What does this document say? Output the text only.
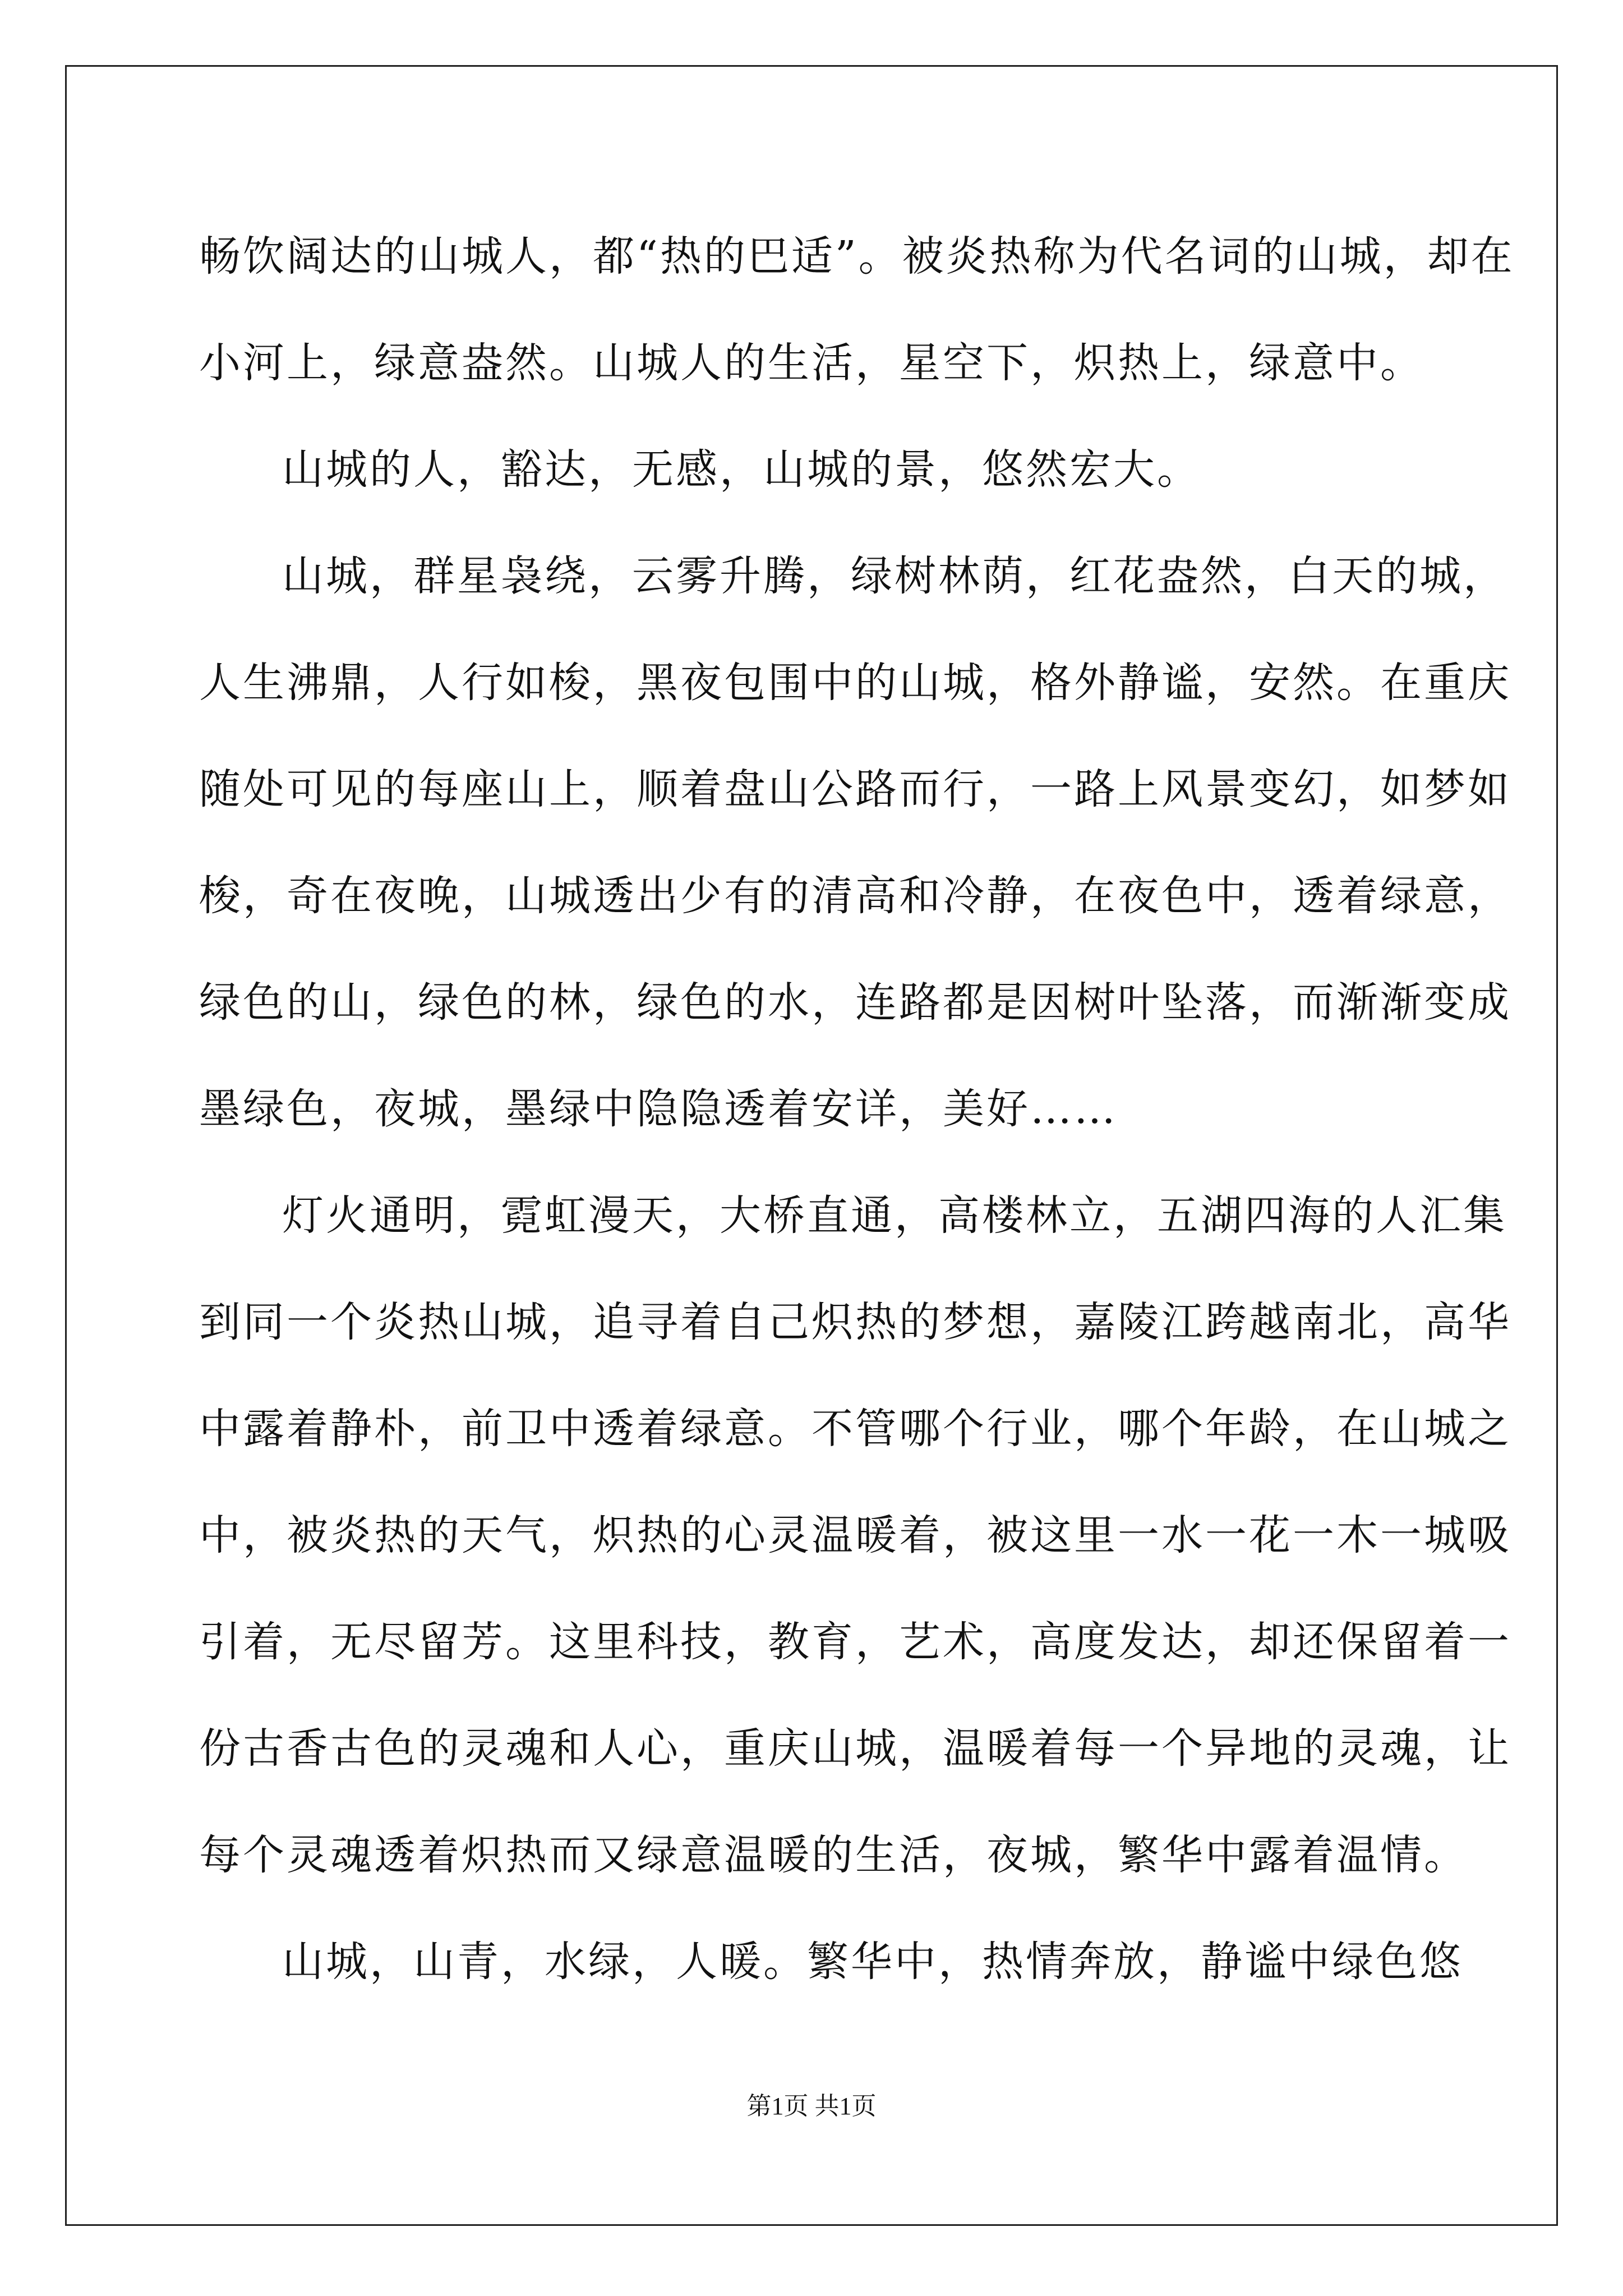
畅饮阔达的山城人，都“热的巴适”。被炎热称为代名词的山城，却在
小河上，绿意盎然。山城人的生活，星空下，炽热上，绿意中。
山城的人，豁达，无感，山城的景，悠然宏大。
山城，群星袅绕，云雾升腾，绿树林荫，红花盎然，白天的城，
人生沸鼎，人行如梭，黑夜包围中的山城，格外静谧，安然。在重庆
随处可见的每座山上，顺着盘山公路而行，一路上风景变幻，如梦如
梭，奇在夜晚，山城透出少有的清高和冷静，在夜色中，透着绿意，
绿色的山，绿色的林，绿色的水，连路都是因树叶坠落，而渐渐变成
墨绿色，夜城，墨绿中隐隐透着安详，美好……
灯火通明，霓虹漫天，大桥直通，高楼林立，五湖四海的人汇集
到同一个炎热山城，追寻着自己炽热的梦想，嘉陵江跨越南北，高华
中露着静朴，前卫中透着绿意。不管哪个行业，哪个年龄，在山城之
中，被炎热的天气，炽热的心灵温暖着，被这里一水一花一木一城吸
引着，无尽留芳。这里科技，教育，艺术，高度发达，却还保留着一
份古香古色的灵魂和人心，重庆山城，温暖着每一个异地的灵魂，让
每个灵魂透着炽热而又绿意温暖的生活，夜城，繁华中露着温情。
山城，山青，水绿，人暖。繁华中，热情奔放，静谧中绿色悠
第1页 共1页
